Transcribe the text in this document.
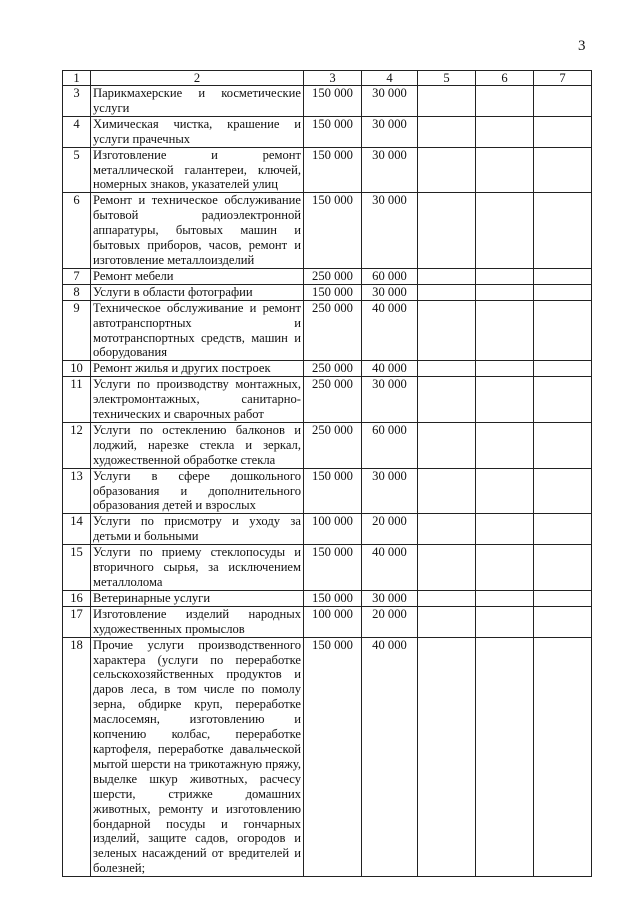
3
1	2	3	4	5	6	7
3	Парикмахерские и косметические услуги	150 000	30 000			
4	Химическая чистка, крашение и услуги прачечных	150 000	30 000			
5	Изготовление и ремонт металлической галантереи, ключей, номерных знаков, указателей улиц	150 000	30 000			
6	Ремонт и техническое обслуживание бытовой радиоэлектронной аппаратуры, бытовых машин и бытовых приборов, часов, ремонт и изготовление металлоизделий	150 000	30 000			
7	Ремонт мебели	250 000	60 000			
8	Услуги в области фотографии	150 000	30 000			
9	Техническое обслуживание и ремонт автотранспортных и мототранспортных средств, машин и оборудования	250 000	40 000			
10	Ремонт жилья и других построек	250 000	40 000			
11	Услуги по производству монтажных, электромонтажных, санитарно-технических и сварочных работ	250 000	30 000			
12	Услуги по остеклению балконов и лоджий, нарезке стекла и зеркал, художественной обработке стекла	250 000	60 000			
13	Услуги в сфере дошкольного образования и дополнительного образования детей и взрослых	150 000	30 000			
14	Услуги по присмотру и уходу за детьми и больными	100 000	20 000			
15	Услуги по приему стеклопосуды и вторичного сырья, за исключением металлолома	150 000	40 000			
16	Ветеринарные услуги	150 000	30 000			
17	Изготовление изделий народных художественных промыслов	100 000	20 000			
18	Прочие услуги производственного характера (услуги по переработке сельскохозяйственных продуктов и даров леса, в том числе по помолу зерна, обдирке круп, переработке маслосемян, изготовлению и копчению колбас, переработке картофеля, переработке давальческой мытой шерсти на трикотажную пряжу, выделке шкур животных, расчесу шерсти, стрижке домашних животных, ремонту и изготовлению бондарной посуды и гончарных изделий, защите садов, огородов и зеленых насаждений от вредителей и болезней;	150 000	40 000			
